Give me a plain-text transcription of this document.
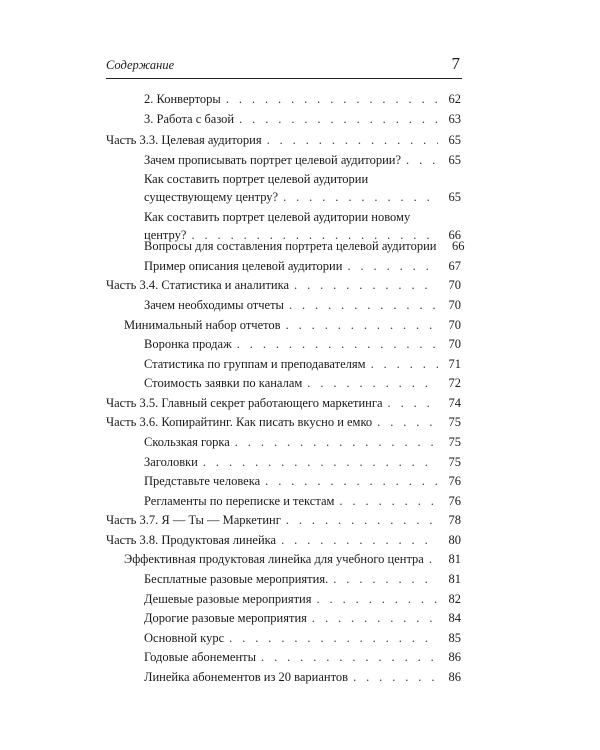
Содержание	7
2. Конверторы . . .	62
3. Работа с базой . . .	63
Часть 3.3. Целевая аудитория . . .	65
Зачем прописывать портрет целевой аудитории? . . .	65
Как составить портрет целевой аудитории
существующему центру? . . .	65
Как составить портрет целевой аудитории новому
центру? . . .	66
Вопросы для составления портрета целевой аудитории	66
Пример описания целевой аудитории . . .	67
Часть 3.4. Статистика и аналитика . . .	70
Зачем необходимы отчеты . . .	70
Минимальный набор отчетов . . .	70
Воронка продаж . . .	70
Статистика по группам и преподавателям . . .	71
Стоимость заявки по каналам . . .	72
Часть 3.5. Главный секрет работающего маркетинга . . .	74
Часть 3.6. Копирайтинг. Как писать вкусно и емко . . .	75
Скользкая горка . . .	75
Заголовки . . .	75
Представьте человека . . .	76
Регламенты по переписке и текстам . . .	76
Часть 3.7. Я — Ты — Маркетинг . . .	78
Часть 3.8. Продуктовая линейка . . .	80
Эффективная продуктовая линейка для учебного центра . . .	81
Бесплатные разовые мероприятия. . . .	81
Дешевые разовые мероприятия . . .	82
Дорогие разовые мероприятия . . .	84
Основной курс . . .	85
Годовые абонементы . . .	86
Линейка абонементов из 20 вариантов . . .	86
